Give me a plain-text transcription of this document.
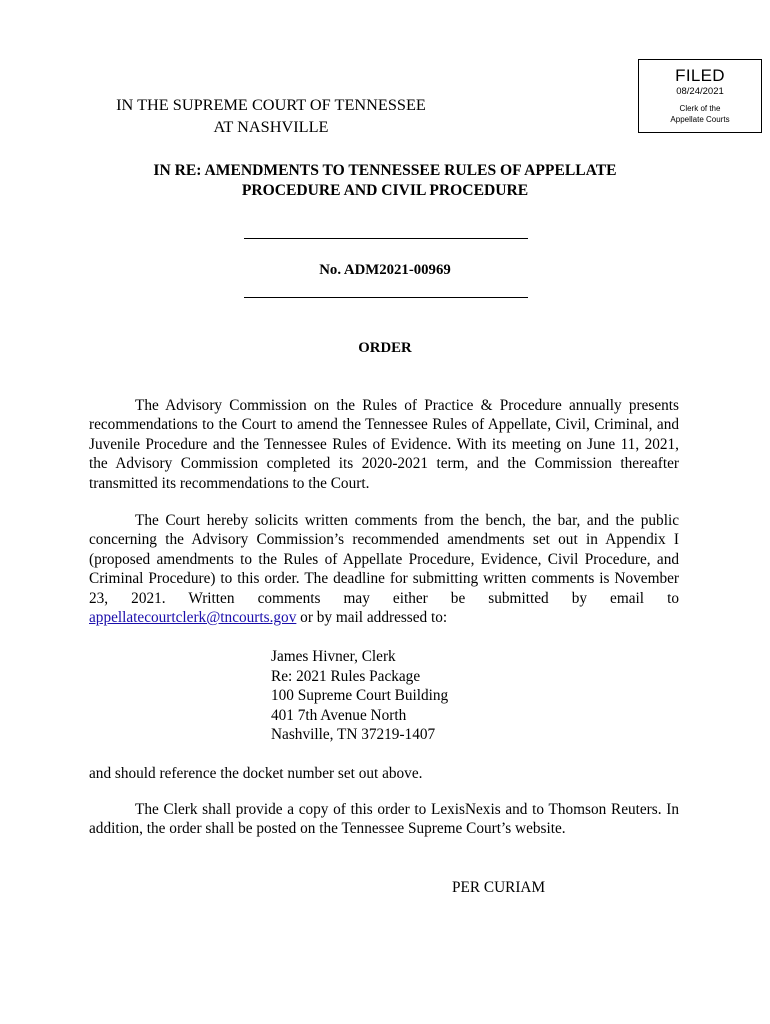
FILED
08/24/2021
Clerk of the
Appellate Courts
IN THE SUPREME COURT OF TENNESSEE
AT NASHVILLE
IN RE: AMENDMENTS TO TENNESSEE RULES OF APPELLATE
PROCEDURE AND CIVIL PROCEDURE
No. ADM2021-00969
ORDER

The Advisory Commission on the Rules of Practice & Procedure annually presents recommendations to the Court to amend the Tennessee Rules of Appellate, Civil, Criminal, and Juvenile Procedure and the Tennessee Rules of Evidence. With its meeting on June 11, 2021, the Advisory Commission completed its 2020-2021 term, and the Commission thereafter transmitted its recommendations to the Court.

The Court hereby solicits written comments from the bench, the bar, and the public concerning the Advisory Commission’s recommended amendments set out in Appendix I (proposed amendments to the Rules of Appellate Procedure, Evidence, Civil Procedure, and Criminal Procedure) to this order. The deadline for submitting written comments is November 23, 2021. Written comments may either be submitted by email to appellatecourtclerk@tncourts.gov or by mail addressed to:

James Hivner, Clerk
Re: 2021 Rules Package
100 Supreme Court Building
401 7th Avenue North
Nashville, TN 37219-1407
and should reference the docket number set out above.

The Clerk shall provide a copy of this order to LexisNexis and to Thomson Reuters. In addition, the order shall be posted on the Tennessee Supreme Court’s website.

PER CURIAM
